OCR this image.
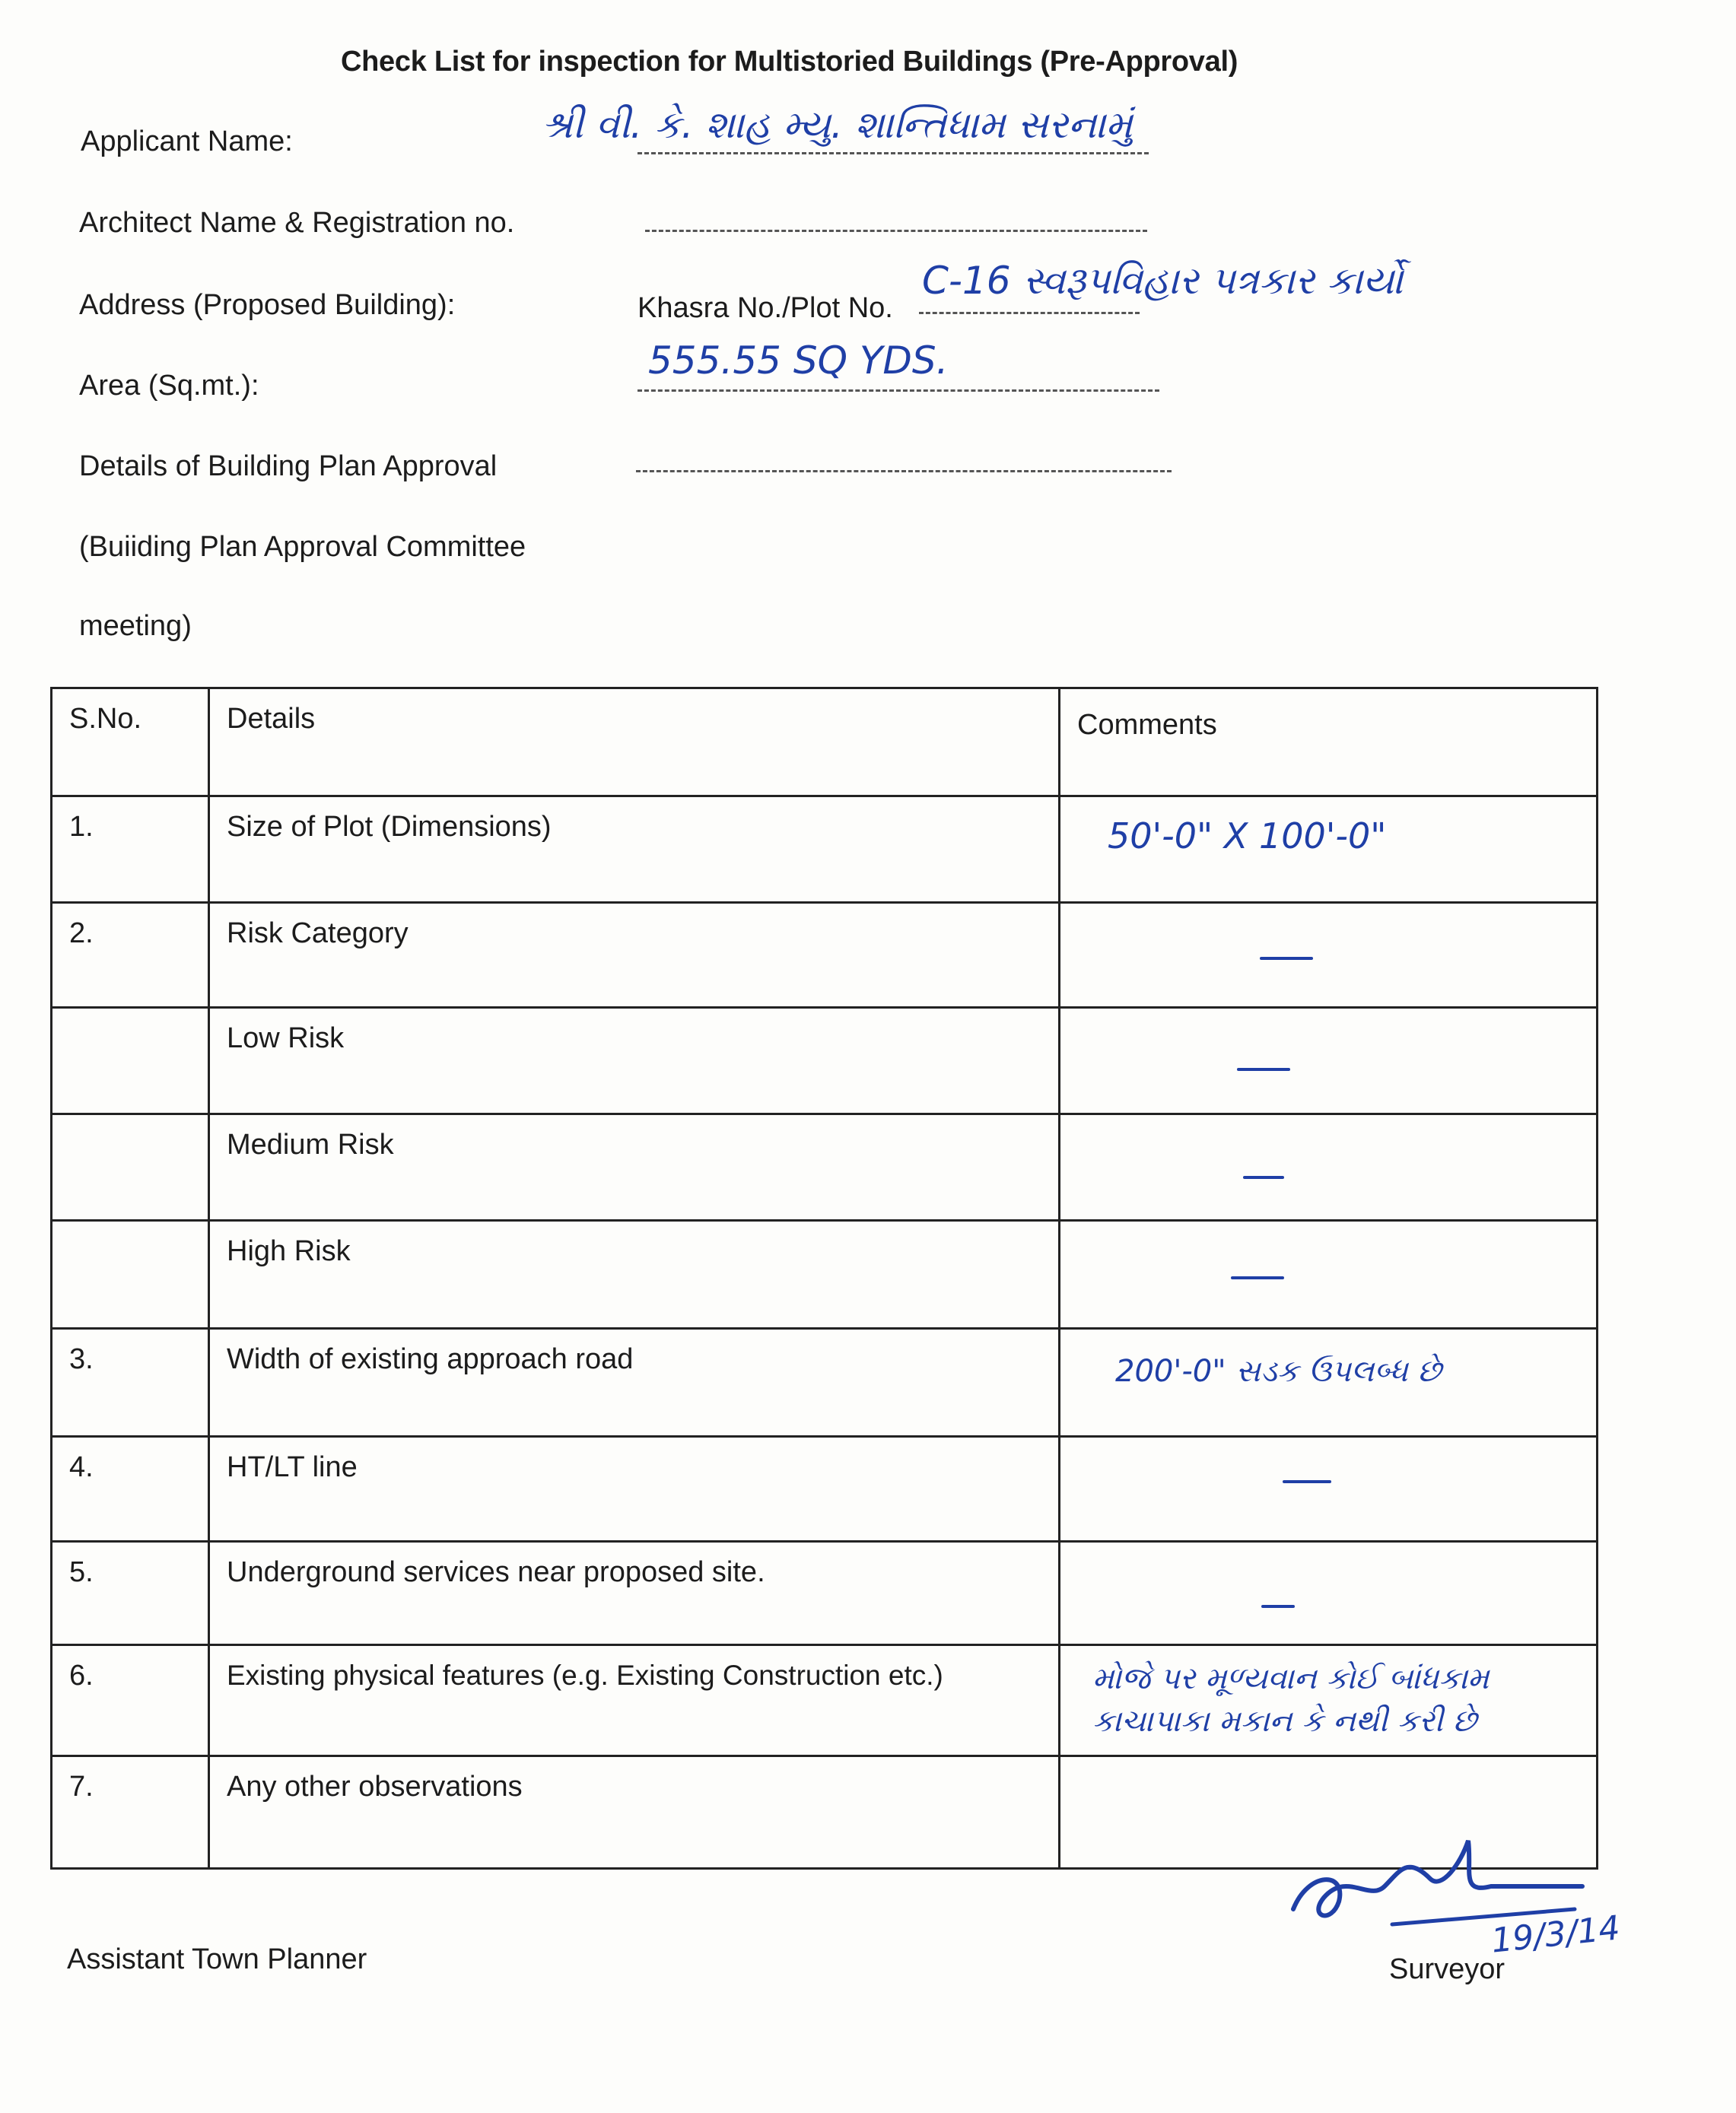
Check List for inspection for Multistoried Buildings (Pre-Approval)
Applicant Name:	શ્રી વી. કે. શાહ મ્યુ. શાન્તિધામ સરનામું
Architect Name & Registration no.
Address (Proposed Building):	Khasra No./Plot No.
C-16 સ્વરૂપવિહાર પત્રકાર કાર્યો
Area (Sq.mt.):
555.55 SQ YDS.
Details of Building Plan Approval
(Buiiding Plan Approval Committee
meeting)
S.No.	Details	Comments
1.	Size of Plot (Dimensions)	50'-0" X 100'-0"

2.	Risk Category	

	Low Risk	

	Medium Risk	

	High Risk	

3.	Width of existing approach road	200'-0" સડક ઉપલબ્ધ છે

4.	HT/LT line	

5.	Underground services near proposed site.	

6.	Existing physical features (e.g. Existing Construction etc.)	મોજે પર મૂળ્યવાન કોઈ બાંધકામ
કાચાપાકા મકાન કે નથી કરી છે

7.	Any other observations	
19/3/14
Assistant Town Planner	Surveyor
